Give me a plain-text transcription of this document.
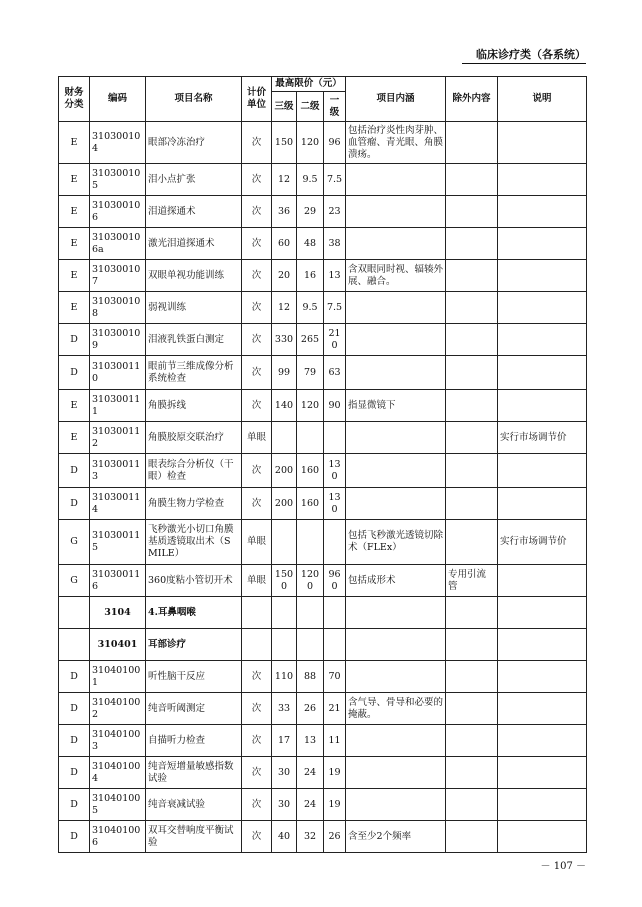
临床诊疗类（各系统）
财务分类	编码	项目名称	计价单位	最高限价（元）			项目内涵	除外内容	说明
				三级	二级	一级			
E	310300104	眼部冷冻治疗	次	150	120	96	包括治疗炎性肉芽肿、血管瘤、青光眼、角膜溃疡。		
E	310300105	泪小点扩张	次	12	9.5	7.5			
E	310300106	泪道探通术	次	36	29	23			
E	310300106a	激光泪道探通术	次	60	48	38			
E	310300107	双眼单视功能训练	次	20	16	13	含双眼同时视、辐辏外展、融合。		
E	310300108	弱视训练	次	12	9.5	7.5			
D	310300109	泪液乳铁蛋白测定	次	330	265	210			
D	310300110	眼前节三维成像分析系统检查	次	99	79	63			
E	310300111	角膜拆线	次	140	120	90	指显微镜下		
E	310300112	角膜胶原交联治疗	单眼						实行市场调节价
D	310300113	眼表综合分析仪（干眼）检查	次	200	160	130			
D	310300114	角膜生物力学检查	次	200	160	130			
G	310300115	飞秒激光小切口角膜基质透镜取出术（SMILE）	单眼				包括飞秒激光透镜切除术（FLEx）		实行市场调节价
G	310300116	360度粘小管切开术	单眼	1500	1200	960	包括成形术	专用引流管	
	3104	4.耳鼻咽喉							
	310401	耳部诊疗							
D	310401001	听性脑干反应	次	110	88	70			
D	310401002	纯音听阈测定	次	33	26	21	含气导、骨导和必要的掩蔽。		
D	310401003	自描听力检查	次	17	13	11			
D	310401004	纯音短增量敏感指数试验	次	30	24	19			
D	310401005	纯音衰减试验	次	30	24	19			
D	310401006	双耳交替响度平衡试验	次	40	32	26	含至少2个频率		
－ 107 －
